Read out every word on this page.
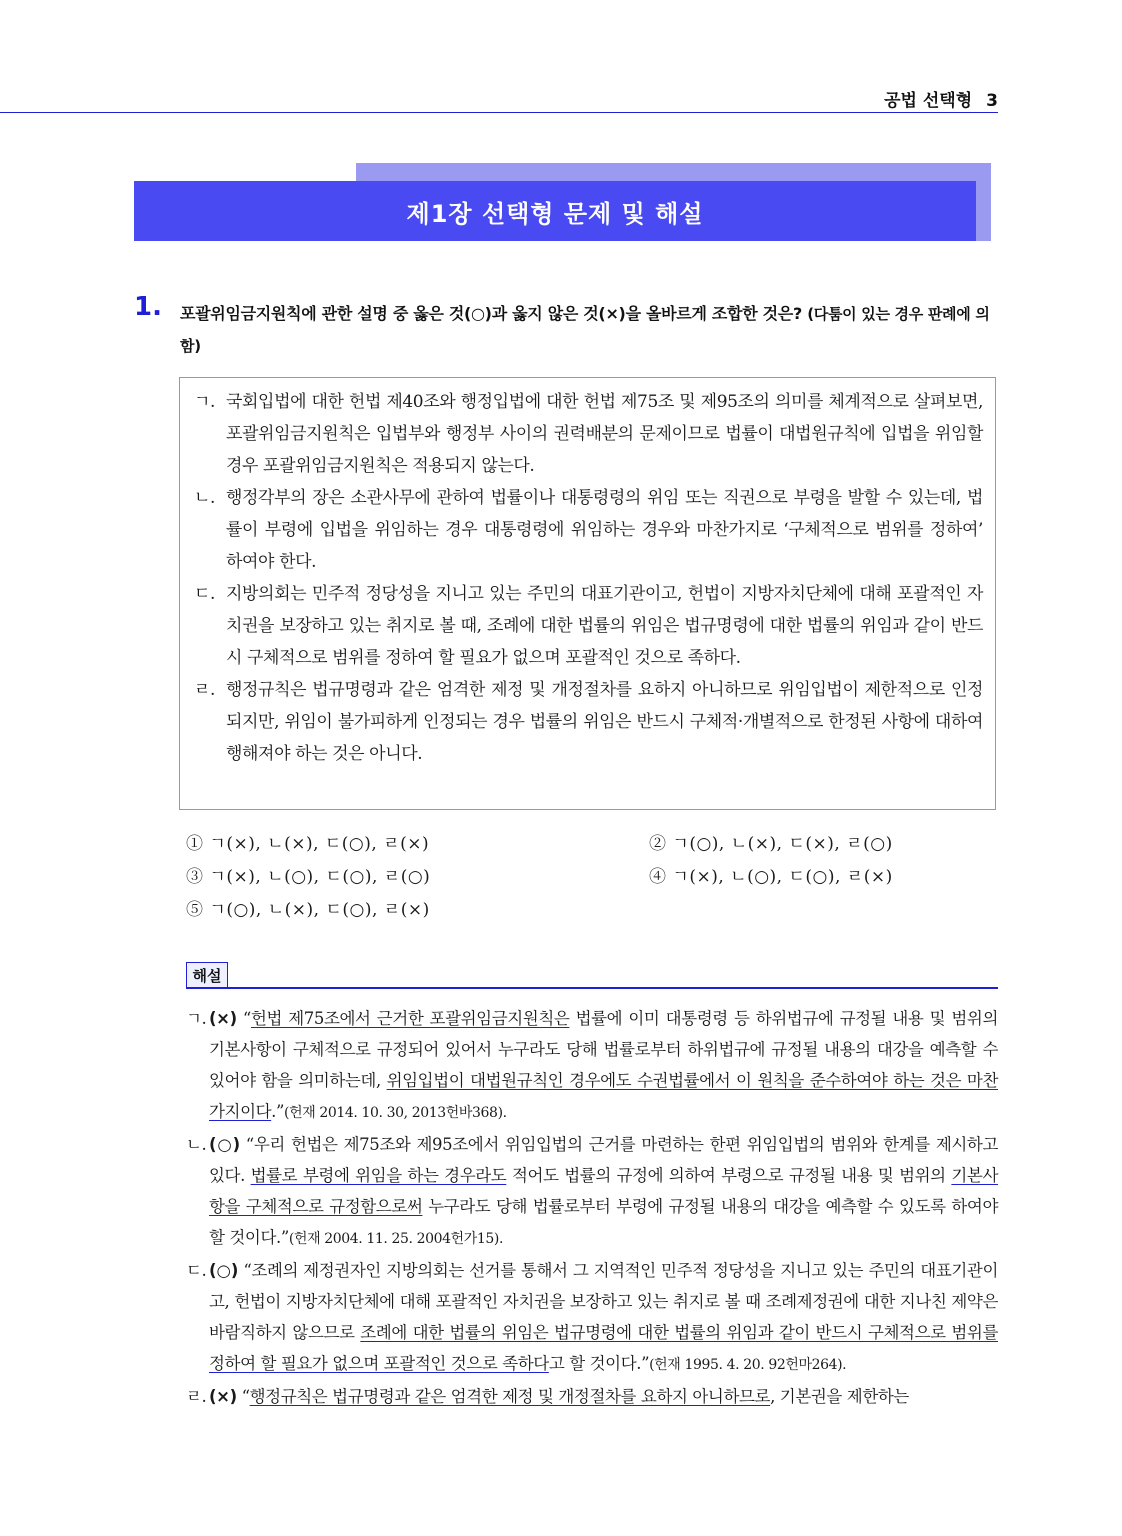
공법 선택형 3
제1장 선택형 문제 및 해설
1. 포괄위임금지원칙에 관한 설명 중 옳은 것(○)과 옳지 않은 것(×)을 올바르게 조합한 것은? (다툼이 있는 경우 판례에 의함)
ㄱ. 국회입법에 대한 헌법 제40조와 행정입법에 대한 헌법 제75조 및 제95조의 의미를 체계적으로 살펴보면, 포괄위임금지원칙은 입법부와 행정부 사이의 권력배분의 문제이므로 법률이 대법원규칙에 입법을 위임할 경우 포괄위임금지원칙은 적용되지 않는다.
ㄴ. 행정각부의 장은 소관사무에 관하여 법률이나 대통령령의 위임 또는 직권으로 부령을 발할 수 있는데, 법률이 부령에 입법을 위임하는 경우 대통령령에 위임하는 경우와 마찬가지로 ‘구체적으로 범위를 정하여’ 하여야 한다.
ㄷ. 지방의회는 민주적 정당성을 지니고 있는 주민의 대표기관이고, 헌법이 지방자치단체에 대해 포괄적인 자치권을 보장하고 있는 취지로 볼 때, 조례에 대한 법률의 위임은 법규명령에 대한 법률의 위임과 같이 반드시 구체적으로 범위를 정하여 할 필요가 없으며 포괄적인 것으로 족하다.
ㄹ. 행정규칙은 법규명령과 같은 엄격한 제정 및 개정절차를 요하지 아니하므로 위임입법이 제한적으로 인정되지만, 위임이 불가피하게 인정되는 경우 법률의 위임은 반드시 구체적·개별적으로 한정된 사항에 대하여 행해져야 하는 것은 아니다.
① ㄱ(×), ㄴ(×), ㄷ(○), ㄹ(×)	② ㄱ(○), ㄴ(×), ㄷ(×), ㄹ(○)
③ ㄱ(×), ㄴ(○), ㄷ(○), ㄹ(○)	④ ㄱ(×), ㄴ(○), ㄷ(○), ㄹ(×)
⑤ ㄱ(○), ㄴ(×), ㄷ(○), ㄹ(×)
해설
ㄱ. (×) “헌법 제75조에서 근거한 포괄위임금지원칙은 법률에 이미 대통령령 등 하위법규에 규정될 내용 및 범위의 기본사항이 구체적으로 규정되어 있어서 누구라도 당해 법률로부터 하위법규에 규정될 내용의 대강을 예측할 수 있어야 함을 의미하는데, 위임입법이 대법원규칙인 경우에도 수권법률에서 이 원칙을 준수하여야 하는 것은 마찬가지이다.”(헌재 2014. 10. 30, 2013헌바368).
ㄴ. (○) “우리 헌법은 제75조와 제95조에서 위임입법의 근거를 마련하는 한편 위임입법의 범위와 한계를 제시하고 있다. 법률로 부령에 위임을 하는 경우라도 적어도 법률의 규정에 의하여 부령으로 규정될 내용 및 범위의 기본사항을 구체적으로 규정함으로써 누구라도 당해 법률로부터 부령에 규정될 내용의 대강을 예측할 수 있도록 하여야 할 것이다.”(헌재 2004. 11. 25. 2004헌가15).
ㄷ. (○) “조례의 제정권자인 지방의회는 선거를 통해서 그 지역적인 민주적 정당성을 지니고 있는 주민의 대표기관이고, 헌법이 지방자치단체에 대해 포괄적인 자치권을 보장하고 있는 취지로 볼 때 조례제정권에 대한 지나친 제약은 바람직하지 않으므로 조례에 대한 법률의 위임은 법규명령에 대한 법률의 위임과 같이 반드시 구체적으로 범위를 정하여 할 필요가 없으며 포괄적인 것으로 족하다고 할 것이다.”(헌재 1995. 4. 20. 92헌마264).
ㄹ. (×) “행정규칙은 법규명령과 같은 엄격한 제정 및 개정절차를 요하지 아니하므로, 기본권을 제한하는
